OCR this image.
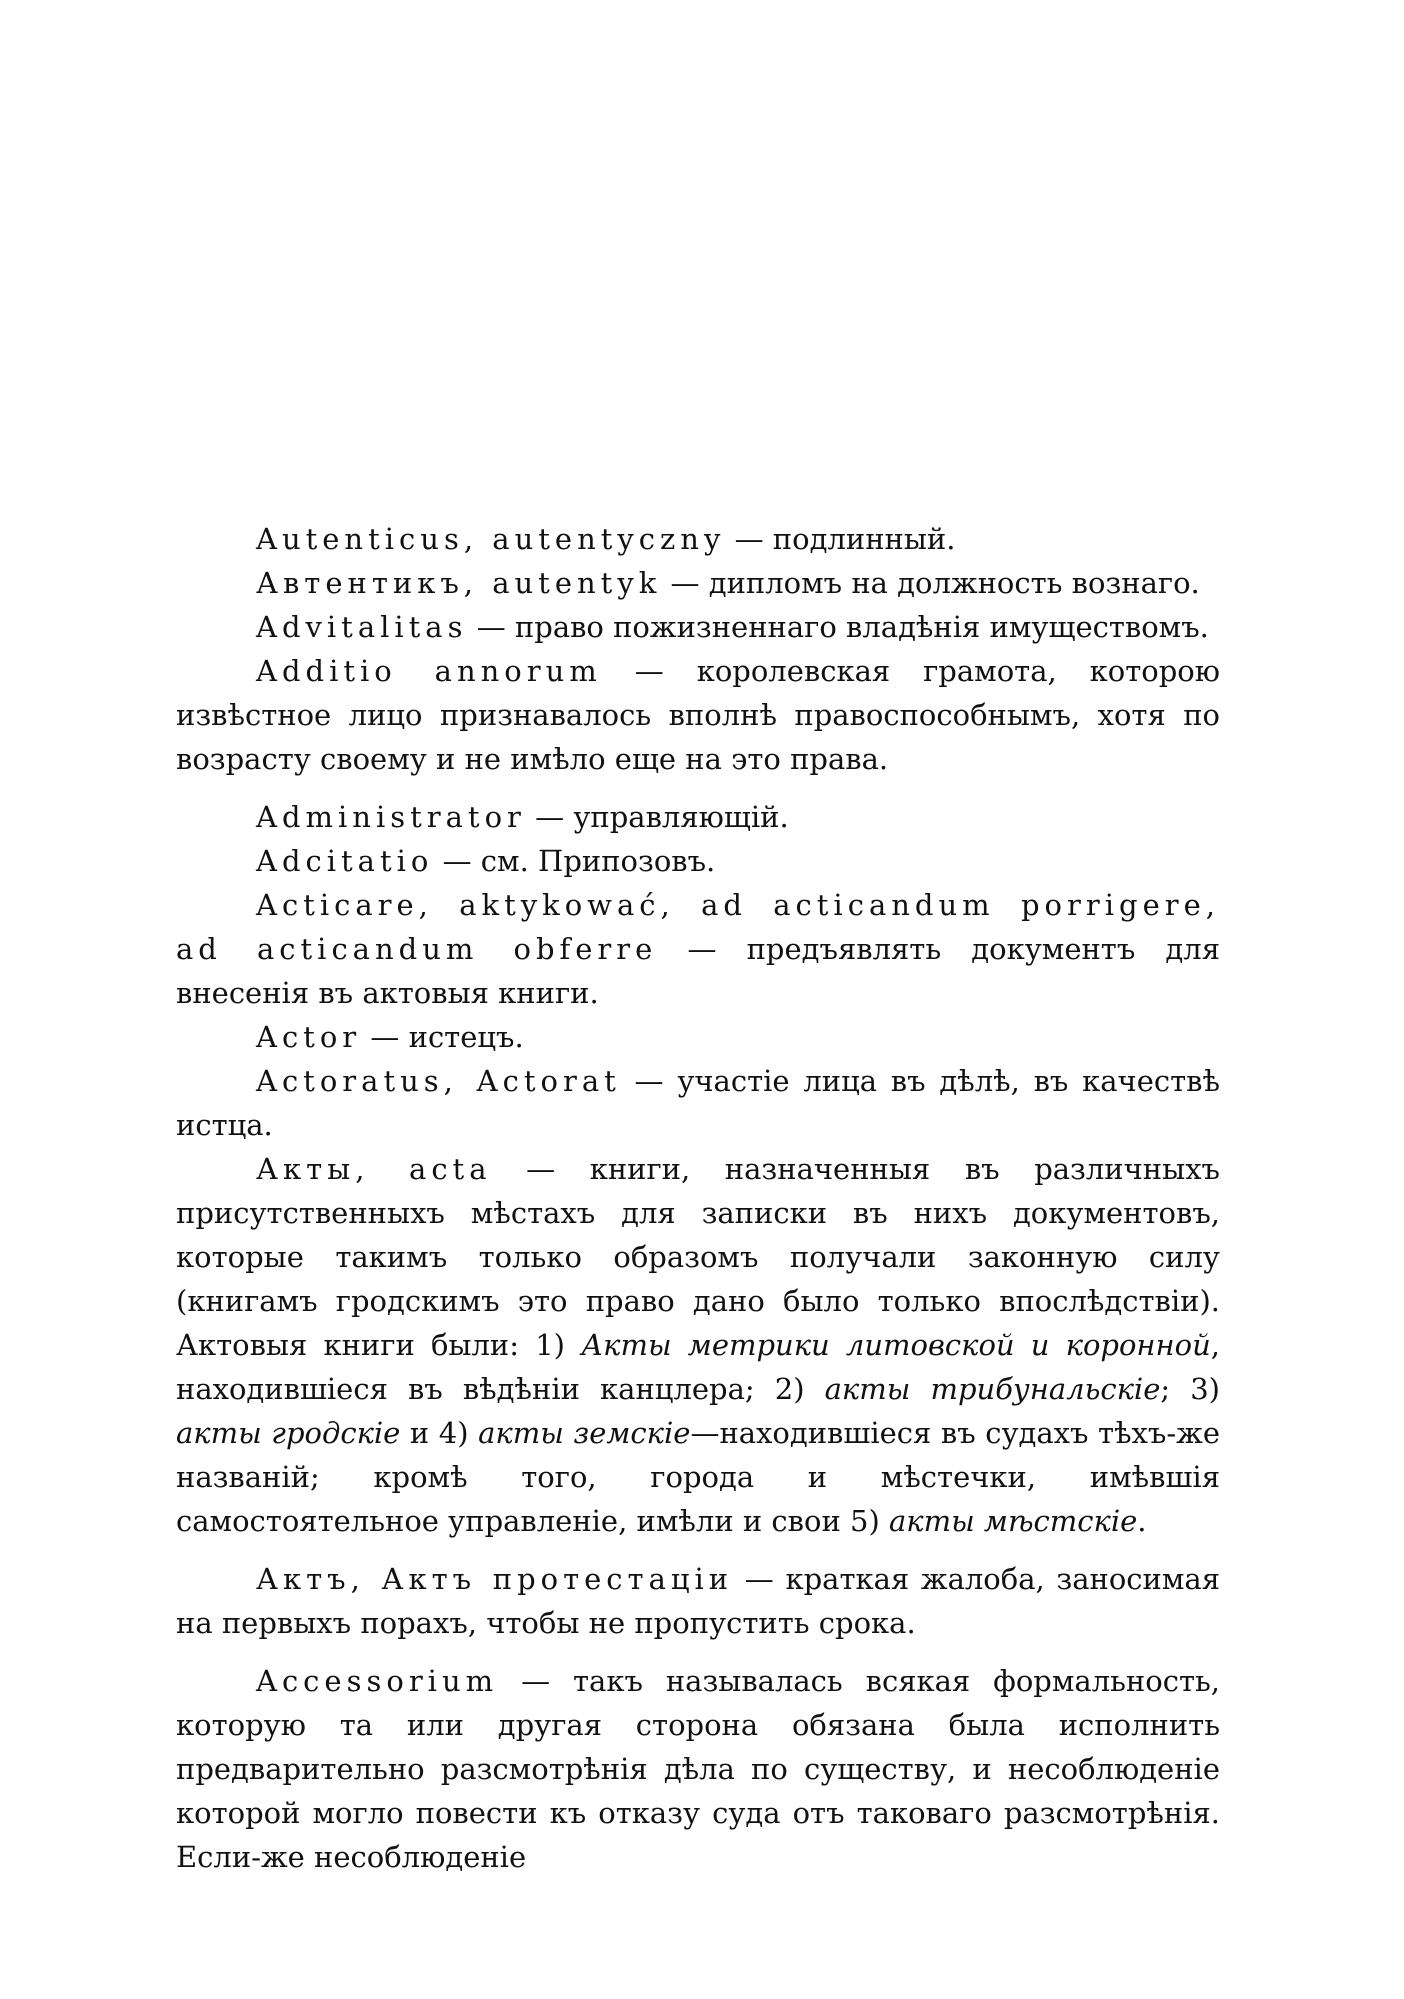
Autenticus, autentyczny — подлинный.

Автентикъ, autentyk — дипломъ на должность вознаго.

Advitalitas — право пожизненнаго владѣнія имуществомъ.

Additio annorum — королевская грамота, которою извѣстное лицо признавалось вполнѣ правоспособнымъ, хотя по возрасту своему и не имѣло еще на это права.

Administrator — управляющій.

Adcitatio — см. Припозовъ.

Acticare, aktykować, ad acticandum porrigere, ad acticandum obferre — предъявлять документъ для внесенія въ актовыя книги.

Actor — истецъ.

Actoratus, Actorat — участіе лица въ дѣлѣ, въ качествѣ истца.

Акты, acta — книги, назначенныя въ различныхъ присутственныхъ мѣстахъ для записки въ нихъ документовъ, которые такимъ только образомъ получали законную силу (книгамъ гродскимъ это право дано было только впослѣдствіи). Актовыя книги были: 1) Акты метрики литовской и коронной, находившіеся въ вѣдѣніи канцлера; 2) акты трибунальскіе; 3) акты гродскіе и 4) акты земскіе—находившіеся въ судахъ тѣхъ-же названій; кромѣ того, города и мѣстечки, имѣвшія самостоятельное управленіе, имѣли и свои 5) акты мѣстскіе.

Актъ, Актъ протестаціи — краткая жалоба, заносимая на первыхъ порахъ, чтобы не пропустить срока.

Accessorium — такъ называлась всякая формальность, которую та или другая сторона обязана была исполнить предварительно разсмотрѣнія дѣла по существу, и несоблюденіе которой могло повести къ отказу суда отъ таковаго разсмотрѣнія. Если-же несоблюденіе
